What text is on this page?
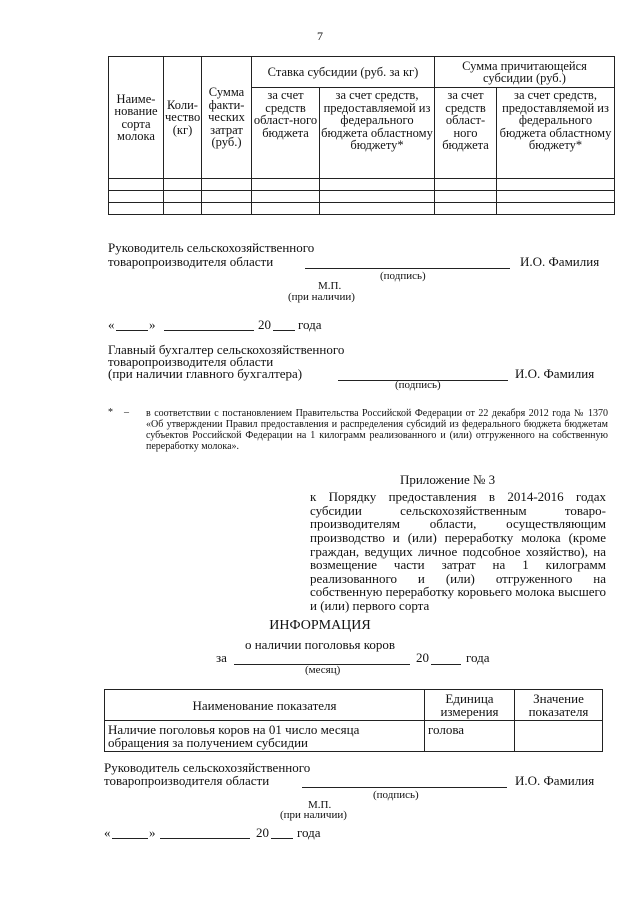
7
Наиме-нование сорта молока	Коли-чество (кг)	Сумма факти-ческих затрат (руб.)	Ставка субсидии (руб. за кг)		Сумма причитающейся субсидии (руб.)	
			за счет средств област-ного бюджета	за счет средств, предоставляемой из федерального бюджета областному бюджету*	за счет средств област-ного бюджета	за счет средств, предоставляемой из федерального бюджета областному бюджету*

Руководитель сельскохозяйственного
товаропроизводителя области	И.О. Фамилия
(подпись)
М.П.
(при наличии)
«	»	20 года
Главный бухгалтер сельскохозяйственного
товаропроизводителя области
(при наличии главного бухгалтера)	И.О. Фамилия
(подпись)
* – в соответствии с постановлением Правительства Российской Федерации от 22 декабря 2012 года № 1370 «Об утверждении Правил предоставления и распределения субсидий из федерального бюджета бюджетам субъектов Российской Федерации на 1 килограмм реализованного и (или) отгруженного на собственную переработку молока».
Приложение № 3
к Порядку предоставления в 2014-2016 годах субсидии сельскохозяйственным товаро-производителям области, осуществляющим производство и (или) переработку молока (кроме граждан, ведущих личное подсобное хозяйство), на возмещение части затрат на 1 килограмм реализованного и (или) отгруженного на собственную переработку коровьего молока высшего и (или) первого сорта
ИНФОРМАЦИЯ
о наличии поголовья коров
за	20	года
(месяц)
Наименование показателя	Единица измерения	Значение показателя
Наличие поголовья коров на 01 число месяца обращения за получением субсидии	голова	
Руководитель сельскохозяйственного
товаропроизводителя области	И.О. Фамилия
(подпись)
М.П.
(при наличии)
«	»	20 года
